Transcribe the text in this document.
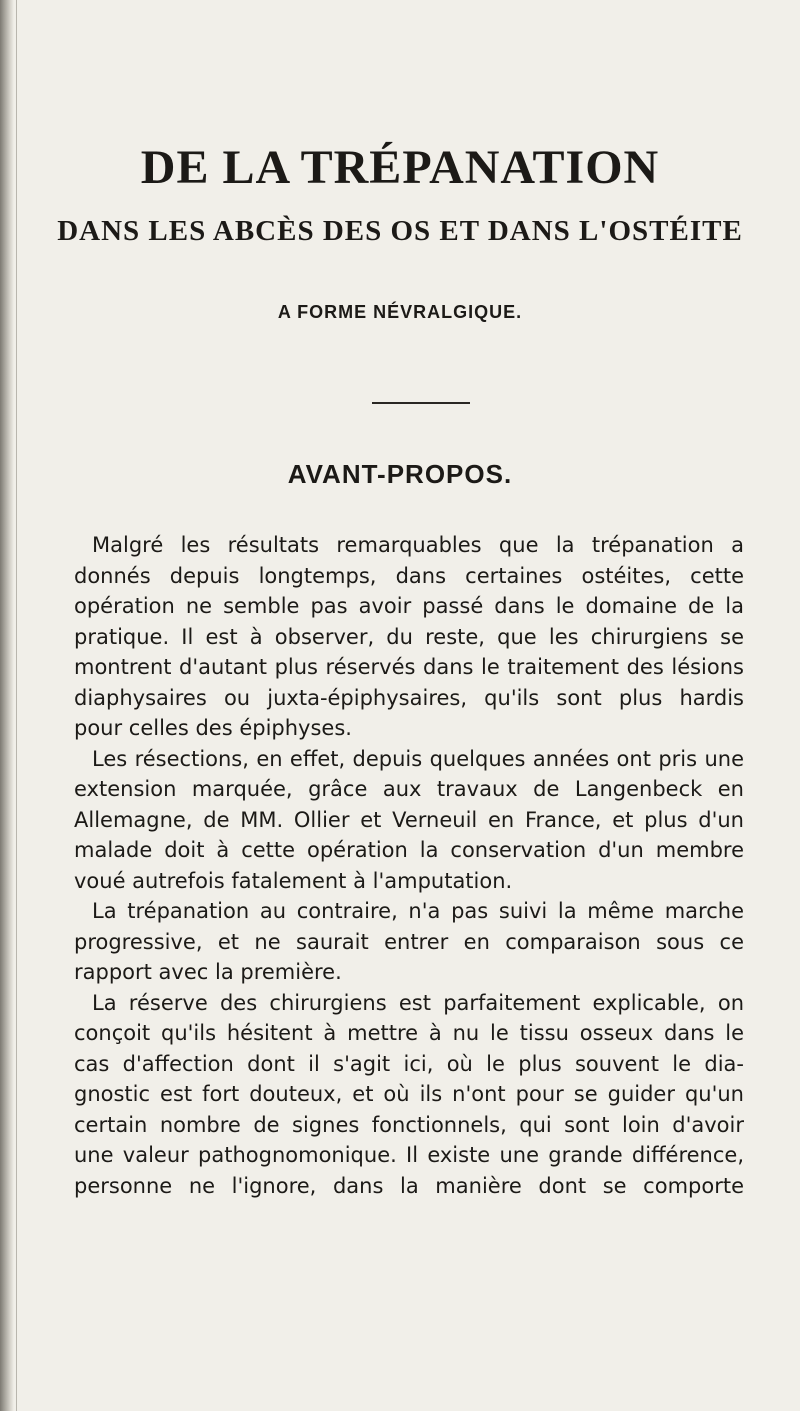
DE LA TRÉPANATION
DANS LES ABCÈS DES OS ET DANS L'OSTÉITE
A FORME NÉVRALGIQUE.
AVANT-PROPOS.
Malgré les résultats remarquables que la trépanation a
donnés depuis longtemps, dans certaines ostéites, cette
opération ne semble pas avoir passé dans le domaine de la
pratique. Il est à observer, du reste, que les chirurgiens se
montrent d'autant plus réservés dans le traitement des lésions
diaphysaires ou juxta-épiphysaires, qu'ils sont plus hardis
pour celles des épiphyses.
Les résections, en effet, depuis quelques années ont pris une
extension marquée, grâce aux travaux de Langenbeck en
Allemagne, de MM. Ollier et Verneuil en France, et plus d'un
malade doit à cette opération la conservation d'un membre
voué autrefois fatalement à l'amputation.
La trépanation au contraire, n'a pas suivi la même marche
progressive, et ne saurait entrer en comparaison sous ce
rapport avec la première.
La réserve des chirurgiens est parfaitement explicable, on
conçoit qu'ils hésitent à mettre à nu le tissu osseux dans le
cas d'affection dont il s'agit ici, où le plus souvent le dia-
gnostic est fort douteux, et où ils n'ont pour se guider qu'un
certain nombre de signes fonctionnels, qui sont loin d'avoir
une valeur pathognomonique. Il existe une grande différence,
personne ne l'ignore, dans la manière dont se comporte
